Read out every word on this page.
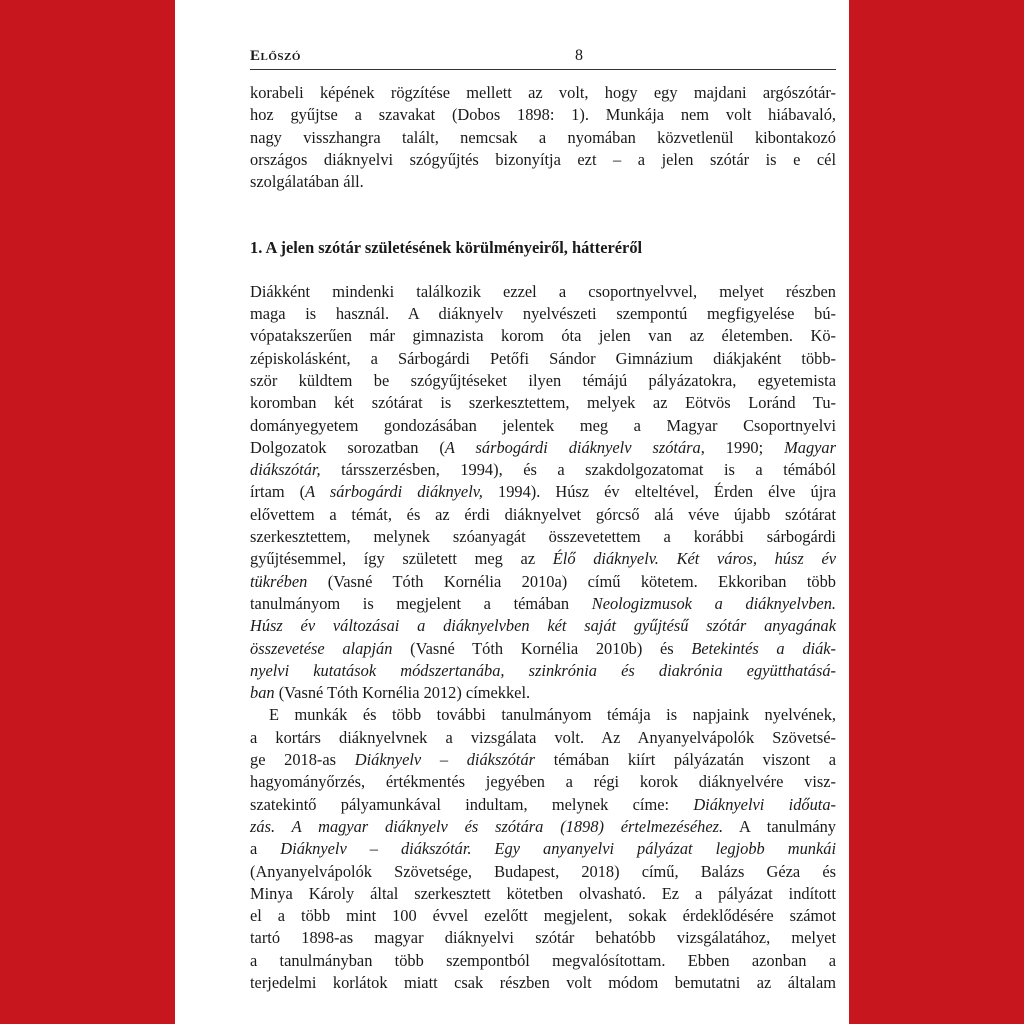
Előszó	8
korabeli képének rögzítése mellett az volt, hogy egy majdani argószótár-
hoz gyűjtse a szavakat (Dobos 1898: 1). Munkája nem volt hiábavaló,
nagy visszhangra talált, nemcsak a nyomában közvetlenül kibontakozó
országos diáknyelvi szógyűjtés bizonyítja ezt – a jelen szótár is e cél
szolgálatában áll.
1. A jelen szótár születésének körülményeiről, hátteréről
Diákként mindenki találkozik ezzel a csoportnyelvvel, melyet részben
maga is használ. A diáknyelv nyelvészeti szempontú megfigyelése bú-
vópatakszerűen már gimnazista korom óta jelen van az életemben. Kö-
zépiskolásként, a Sárbogárdi Petőfi Sándor Gimnázium diákjaként több-
ször küldtem be szógyűjtéseket ilyen témájú pályázatokra, egyetemista
koromban két szótárat is szerkesztettem, melyek az Eötvös Loránd Tu-
dományegyetem gondozásában jelentek meg a Magyar Csoportnyelvi
Dolgozatok sorozatban (A sárbogárdi diáknyelv szótára, 1990; Magyar
diákszótár, társszerzésben, 1994), és a szakdolgozatomat is a témából
írtam (A sárbogárdi diáknyelv, 1994). Húsz év elteltével, Érden élve újra
elővettem a témát, és az érdi diáknyelvet górcső alá véve újabb szótárat
szerkesztettem, melynek szóanyagát összevetettem a korábbi sárbogárdi
gyűjtésemmel, így született meg az Élő diáknyelv. Két város, húsz év
tükrében (Vasné Tóth Kornélia 2010a) című kötetem. Ekkoriban több
tanulmányom is megjelent a témában Neologizmusok a diáknyelvben.
Húsz év változásai a diáknyelvben két saját gyűjtésű szótár anyagának
összevetése alapján (Vasné Tóth Kornélia 2010b) és Betekintés a diák-
nyelvi kutatások módszertanába, szinkrónia és diakrónia együtthatásá-
ban (Vasné Tóth Kornélia 2012) címekkel.
E munkák és több további tanulmányom témája is napjaink nyelvének,
a kortárs diáknyelvnek a vizsgálata volt. Az Anyanyelvápolók Szövetsé-
ge 2018-as Diáknyelv – diákszótár témában kiírt pályázatán viszont a
hagyományőrzés, értékmentés jegyében a régi korok diáknyelvére visz-
szatekintő pályamunkával indultam, melynek címe: Diáknyelvi időutа-
zás. A magyar diáknyelv és szótára (1898) értelmezéséhez. A tanulmány
a Diáknyelv – diákszótár. Egy anyanyelvi pályázat legjobb munkái
(Anyanyelvápolók Szövetsége, Budapest, 2018) című, Balázs Géza és
Minya Károly által szerkesztett kötetben olvasható. Ez a pályázat indított
el a több mint 100 évvel ezelőtt megjelent, sokak érdeklődésére számot
tartó 1898-as magyar diáknyelvi szótár behatóbb vizsgálatához, melyet
a tanulmányban több szempontból megvalósítottam. Ebben azonban a
terjedelmi korlátok miatt csak részben volt módom bemutatni az általam
